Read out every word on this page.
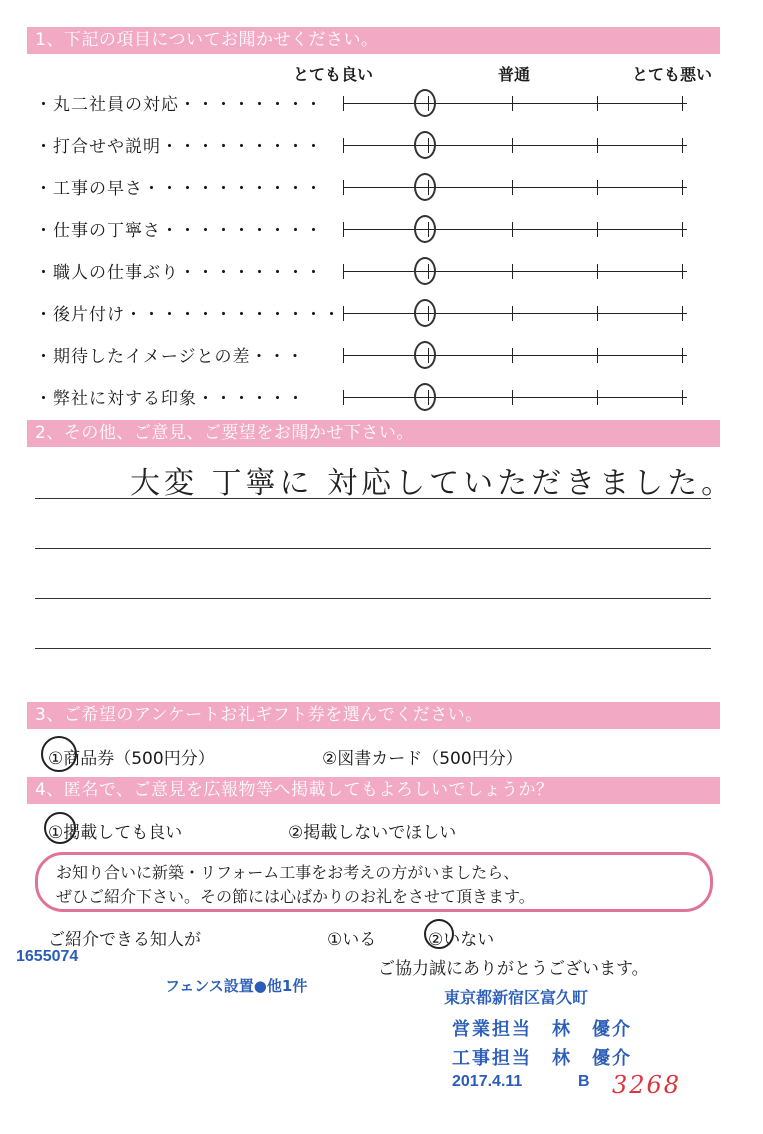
1、下記の項目についてお聞かせください。
とても良い	普通	とても悪い
・丸二社員の対応・・・・・・・・
・打合せや説明・・・・・・・・・
・工事の早さ・・・・・・・・・・
・仕事の丁寧さ・・・・・・・・・
・職人の仕事ぶり・・・・・・・・
・後片付け・・・・・・・・・・・・
・期待したイメージとの差・・・
・弊社に対する印象・・・・・・
2、その他、ご意見、ご要望をお聞かせ下さい。
大変 丁寧に 対応していただきました。
3、ご希望のアンケートお礼ギフト券を選んでください。
①商品券（500円分）	②図書カード（500円分）
4、匿名で、ご意見を広報物等へ掲載してもよろしいでしょうか？
①掲載しても良い	②掲載しないでほしい
お知り合いに新築・リフォーム工事をお考えの方がいましたら、
ぜひご紹介下さい。その節には心ばかりのお礼をさせて頂きます。
ご紹介できる知人が	①いる	②いない
ご協力誠にありがとうございます。
1655074
フェンス設置●他1件
東京都新宿区富久町
営業担当　林　優介
工事担当　林　優介
2017.4.11	B 3268
